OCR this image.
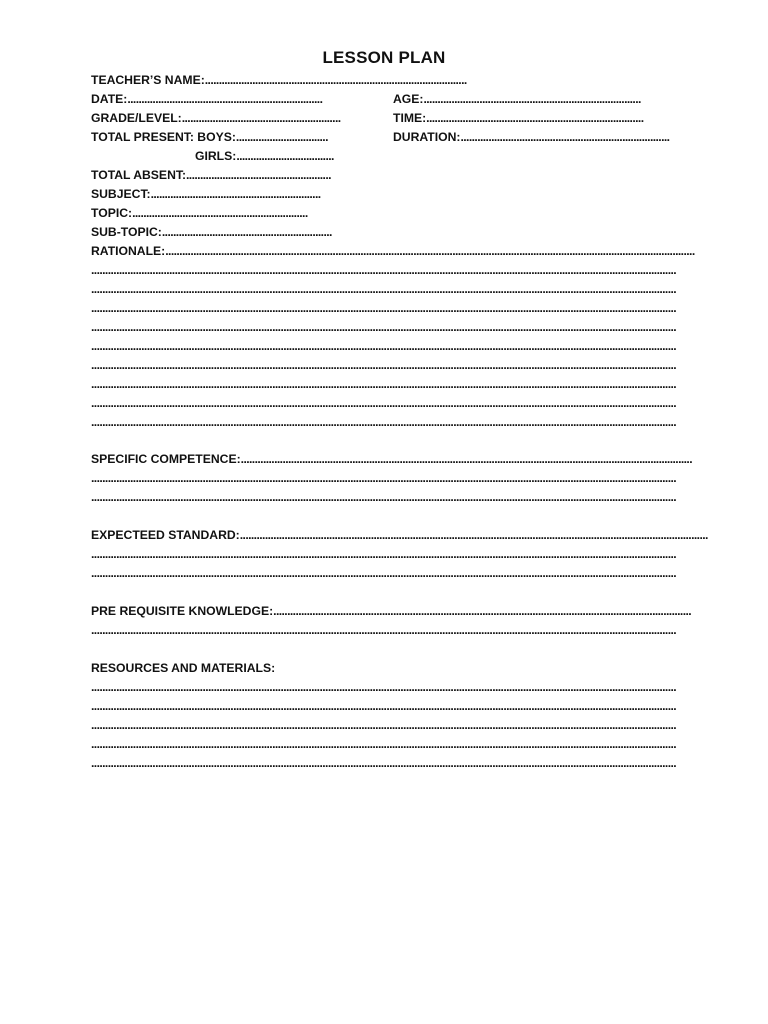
LESSON PLAN
TEACHER’S NAME:..............................................................................................
DATE:......................................................................	AGE:..............................................................................
GRADE/LEVEL:.........................................................	TIME:..............................................................................
TOTAL PRESENT: BOYS:.................................	DURATION:...........................................................................
GIRLS:...................................
TOTAL ABSENT:....................................................
SUBJECT:.............................................................
TOPIC:...............................................................
SUB-TOPIC:.............................................................
RATIONALE:..............................................................................................................................................................................................
..................................................................................................................................................................................................................
..................................................................................................................................................................................................................
..................................................................................................................................................................................................................
..................................................................................................................................................................................................................
..................................................................................................................................................................................................................
..................................................................................................................................................................................................................
..................................................................................................................................................................................................................
..................................................................................................................................................................................................................
..................................................................................................................................................................................................................
SPECIFIC COMPETENCE:..................................................................................................................................................................
..................................................................................................................................................................................................................
..................................................................................................................................................................................................................
EXPECTEED STANDARD:........................................................................................................................................................................
..................................................................................................................................................................................................................
..................................................................................................................................................................................................................
PRE REQUISITE KNOWLEDGE:......................................................................................................................................................
..................................................................................................................................................................................................................
RESOURCES AND MATERIALS:
..................................................................................................................................................................................................................
..................................................................................................................................................................................................................
..................................................................................................................................................................................................................
..................................................................................................................................................................................................................
..................................................................................................................................................................................................................
